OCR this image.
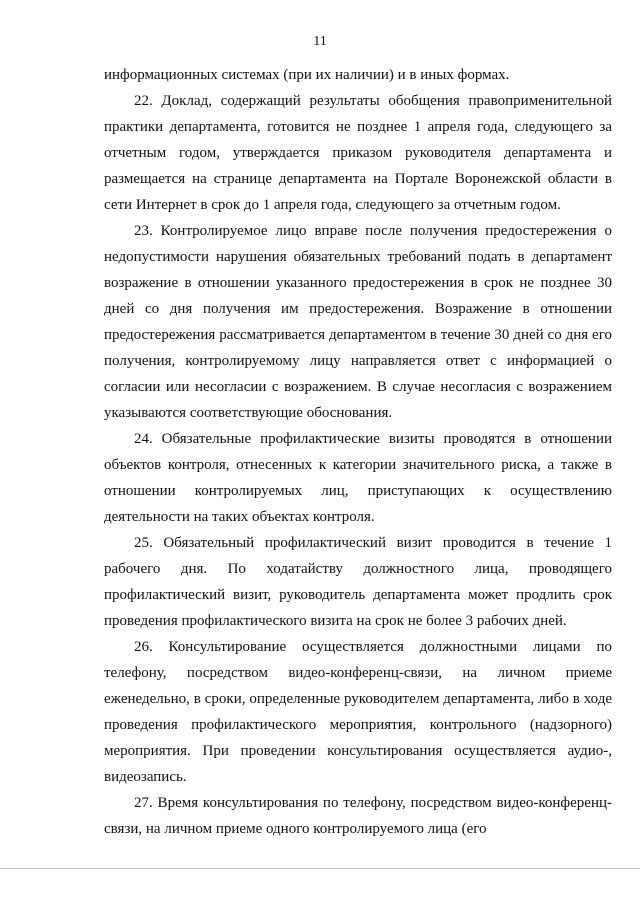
11

информационных системах (при их наличии) и в иных формах.

22. Доклад, содержащий результаты обобщения правоприменительной практики департамента, готовится не позднее 1 апреля года, следующего за отчетным годом, утверждается приказом руководителя департамента и размещается на странице департамента на Портале Воронежской области в сети Интернет в срок до 1 апреля года, следующего за отчетным годом.

23. Контролируемое лицо вправе после получения предостережения о недопустимости нарушения обязательных требований подать в департамент возражение в отношении указанного предостережения в срок не позднее 30 дней со дня получения им предостережения. Возражение в отношении предостережения рассматривается департаментом в течение 30 дней со дня его получения, контролируемому лицу направляется ответ с информацией о согласии или несогласии с возражением. В случае несогласия с возражением указываются соответствующие обоснования.

24. Обязательные профилактические визиты проводятся в отношении объектов контроля, отнесенных к категории значительного риска, а также в отношении контролируемых лиц, приступающих к осуществлению деятельности на таких объектах контроля.

25. Обязательный профилактический визит проводится в течение 1 рабочего дня. По ходатайству должностного лица, проводящего профилактический визит, руководитель департамента может продлить срок проведения профилактического визита на срок не более 3 рабочих дней.

26. Консультирование осуществляется должностными лицами по телефону, посредством видео-конференц-связи, на личном приеме еженедельно, в сроки, определенные руководителем департамента, либо в ходе проведения профилактического мероприятия, контрольного (надзорного) мероприятия. При проведении консультирования осуществляется аудио-, видеозапись.

27. Время консультирования по телефону, посредством видео-конференц-связи, на личном приеме одного контролируемого лица (его
